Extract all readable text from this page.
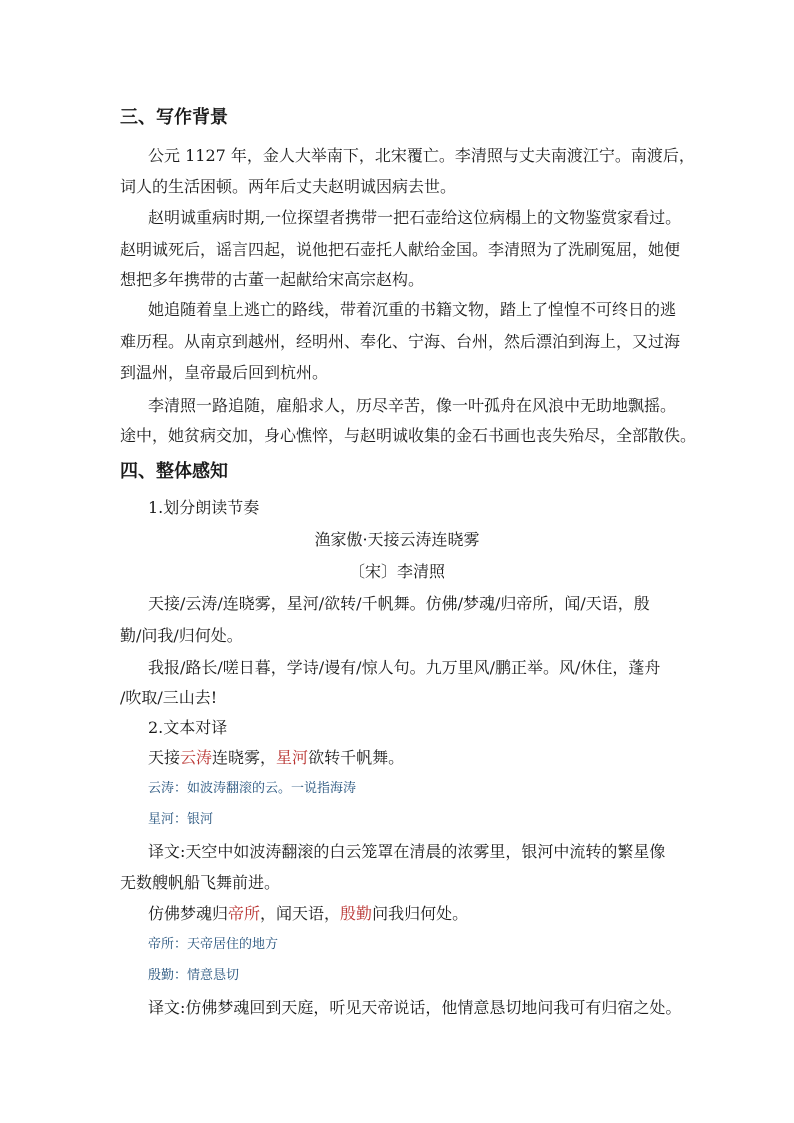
三、写作背景
公元 1127 年，金人大举南下，北宋覆亡。李清照与丈夫南渡江宁。南渡后，
词人的生活困顿。两年后丈夫赵明诚因病去世。
赵明诚重病时期,一位探望者携带一把石壶给这位病榻上的文物鉴赏家看过。
赵明诚死后，谣言四起，说他把石壶托人献给金国。李清照为了洗刷冤屈，她便
想把多年携带的古董一起献给宋高宗赵构。
她追随着皇上逃亡的路线，带着沉重的书籍文物，踏上了惶惶不可终日的逃
难历程。从南京到越州，经明州、奉化、宁海、台州，然后漂泊到海上，又过海
到温州，皇帝最后回到杭州。
李清照一路追随，雇船求人，历尽辛苦，像一叶孤舟在风浪中无助地飘摇。
途中，她贫病交加，身心憔悴，与赵明诚收集的金石书画也丧失殆尽，全部散佚。
四、整体感知
1.划分朗读节奏
渔家傲·天接云涛连晓雾
〔宋〕李清照
天接/云涛/连晓雾，星河/欲转/千帆舞。仿佛/梦魂/归帝所，闻/天语，殷
勤/问我/归何处。
我报/路长/嗟日暮，学诗/谩有/惊人句。九万里风/鹏正举。风/休住，蓬舟
/吹取/三山去!
2.文本对译
天接云涛连晓雾，星河欲转千帆舞。
云涛：如波涛翻滚的云。一说指海涛
星河：银河
译文:天空中如波涛翻滚的白云笼罩在清晨的浓雾里，银河中流转的繁星像
无数艘帆船飞舞前进。
仿佛梦魂归帝所，闻天语，殷勤问我归何处。
帝所：天帝居住的地方
殷勤：情意恳切
译文:仿佛梦魂回到天庭，听见天帝说话，他情意恳切地问我可有归宿之处。
